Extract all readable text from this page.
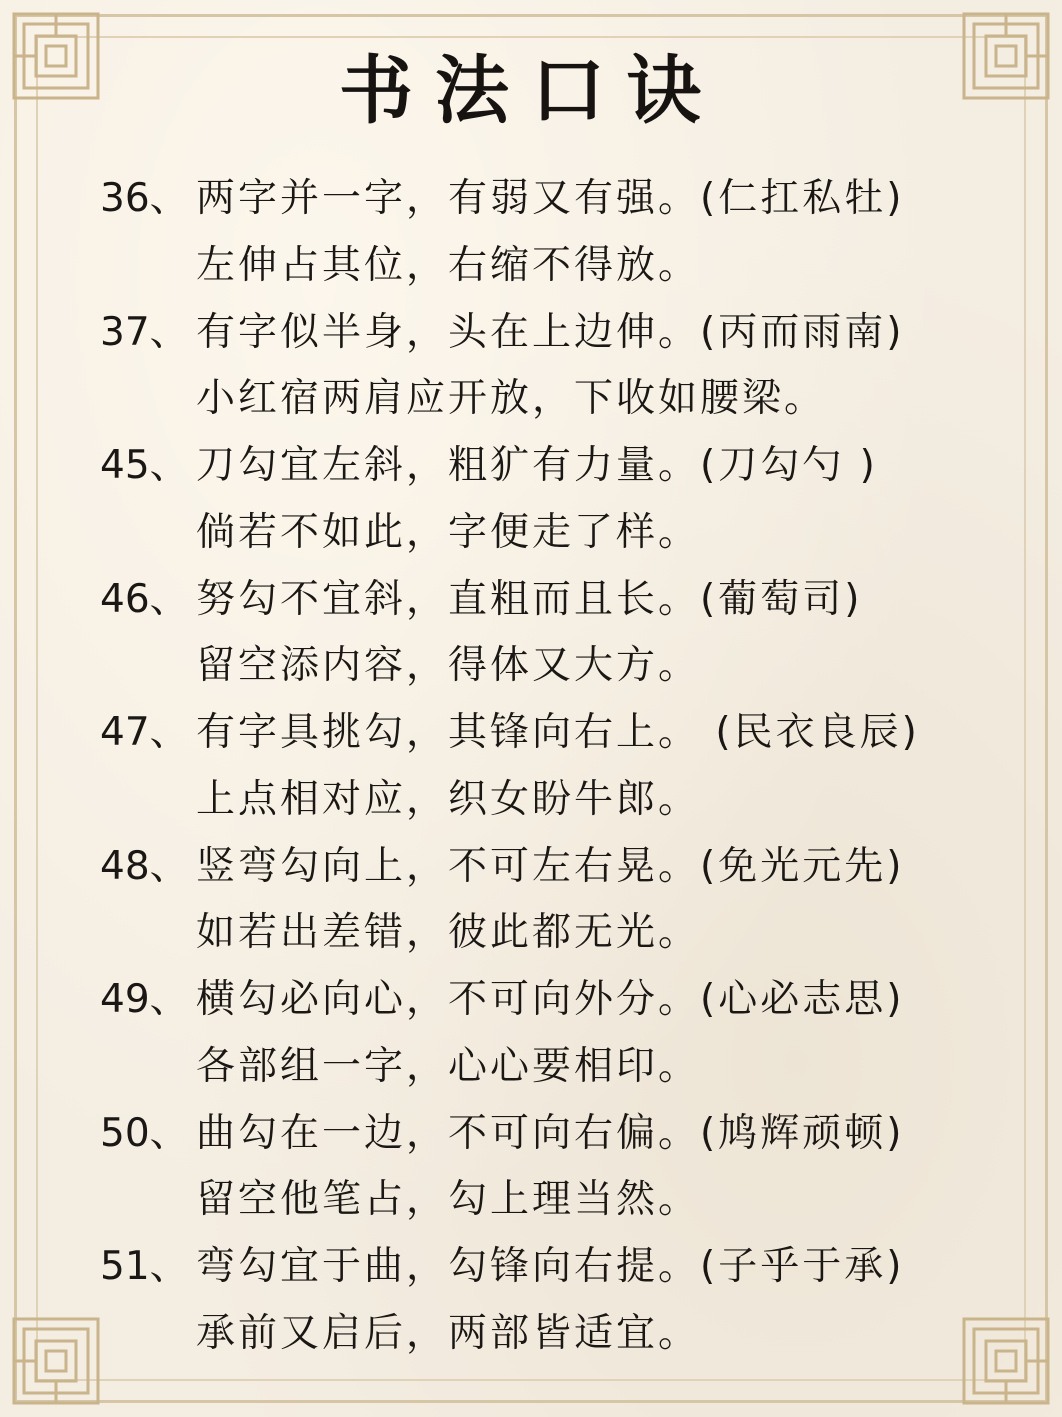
书法口诀
36、 两字并一字，有弱又有强。(仁扛私牡)
左伸占其位，右缩不得放。
37、 有字似半身，头在上边伸。(丙而雨南)
小红宿两肩应开放，下收如腰梁。
45、 刀勾宜左斜，粗犷有力量。(刀勾勺 )
倘若不如此，字便走了样。
46、 努勾不宜斜，直粗而且长。(葡萄司)
留空添内容，得体又大方。
47、 有字具挑勾，其锋向右上。 (民衣良辰)
上点相对应，织女盼牛郎。
48、 竖弯勾向上，不可左右晃。(免光元先)
如若出差错，彼此都无光。
49、 横勾必向心，不可向外分。(心必志思)
各部组一字，心心要相印。
50、 曲勾在一边，不可向右偏。(鸠辉顽顿)
留空他笔占，勾上理当然。
51、 弯勾宜于曲，勾锋向右提。(子乎于承)
承前又启后，两部皆适宜。
